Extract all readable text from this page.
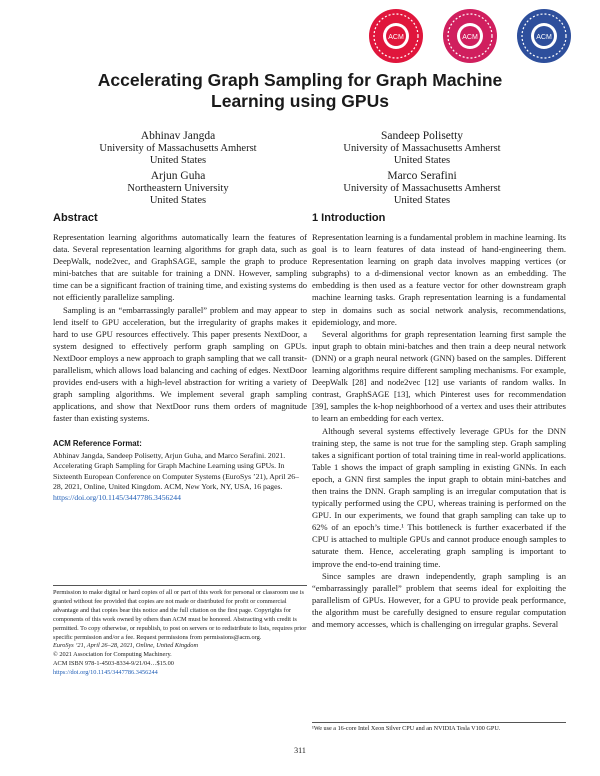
ACM	ACM	ACM
Accelerating Graph Sampling for Graph Machine
Learning using GPUs
Abhinav Jangda
University of Massachusetts Amherst
United States
Sandeep Polisetty
University of Massachusetts Amherst
United States
Arjun Guha
Northeastern University
United States
Marco Serafini
University of Massachusetts Amherst
United States
Abstract

Representation learning algorithms automatically learn the features of data. Several representation learning algorithms for graph data, such as DeepWalk, node2vec, and GraphSAGE, sample the graph to produce mini-batches that are suitable for training a DNN. However, sampling time can be a significant fraction of training time, and existing systems do not efficiently parallelize sampling.

Sampling is an “embarrassingly parallel” problem and may appear to lend itself to GPU acceleration, but the irregularity of graphs makes it hard to use GPU resources effectively. This paper presents NextDoor, a system designed to effectively perform graph sampling on GPUs. NextDoor employs a new approach to graph sampling that we call transit-parallelism, which allows load balancing and caching of edges. NextDoor provides end-users with a high-level abstraction for writing a variety of graph sampling algorithms. We implement several graph sampling applications, and show that NextDoor runs them orders of magnitude faster than existing systems.

ACM Reference Format:

Abhinav Jangda, Sandeep Polisetty, Arjun Guha, and Marco Serafini. 2021. Accelerating Graph Sampling for Graph Machine Learning using GPUs. In Sixteenth European Conference on Computer Systems (EuroSys ’21), April 26–28, 2021, Online, United Kingdom. ACM, New York, NY, USA, 16 pages. https://doi.org/10.1145/3447786.3456244

Permission to make digital or hard copies of all or part of this work for personal or classroom use is granted without fee provided that copies are not made or distributed for profit or commercial advantage and that copies bear this notice and the full citation on the first page. Copyrights for components of this work owned by others than ACM must be honored. Abstracting with credit is permitted. To copy otherwise, or republish, to post on servers or to redistribute to lists, requires prior specific permission and/or a fee. Request permissions from permissions@acm.org.

EuroSys ’21, April 26–28, 2021, Online, United Kingdom

© 2021 Association for Computing Machinery.

ACM ISBN 978-1-4503-8334-9/21/04…$15.00

https://doi.org/10.1145/3447786.3456244

1 Introduction

Representation learning is a fundamental problem in machine learning. Its goal is to learn features of data instead of hand-engineering them. Representation learning on graph data involves mapping vertices (or subgraphs) to a d-dimensional vector known as an embedding. The embedding is then used as a feature vector for other downstream graph machine learning tasks. Graph representation learning is a fundamental step in domains such as social network analysis, recommendations, epidemiology, and more.

Several algorithms for graph representation learning first sample the input graph to obtain mini-batches and then train a deep neural network (DNN) or a graph neural network (GNN) based on the samples. Different learning algorithms require different sampling mechanisms. For example, DeepWalk [28] and node2vec [12] use variants of random walks. In contrast, GraphSAGE [13], which Pinterest uses for recommendation [39], samples the k-hop neighborhood of a vertex and uses their attributes to learn an embedding for each vertex.

Although several systems effectively leverage GPUs for the DNN training step, the same is not true for the sampling step. Graph sampling takes a significant portion of total training time in real-world applications. Table 1 shows the impact of graph sampling in existing GNNs. In each epoch, a GNN first samples the input graph to obtain mini-batches and then trains the DNN. Graph sampling is an irregular computation that is typically performed using the CPU, whereas training is performed on the GPU. In our experiments, we found that graph sampling can take up to 62% of an epoch’s time.¹ This bottleneck is further exacerbated if the CPU is attached to multiple GPUs and cannot produce enough samples to saturate them. Hence, accelerating graph sampling is important to improve the end-to-end training time.

Since samples are drawn independently, graph sampling is an “embarrassingly parallel” problem that seems ideal for exploiting the parallelism of GPUs. However, for a GPU to provide peak performance, the algorithm must be carefully designed to ensure regular computation and memory accesses, which is challenging on irregular graphs. Several

¹We use a 16-core Intel Xeon Silver CPU and an NVIDIA Tesla V100 GPU.

311
